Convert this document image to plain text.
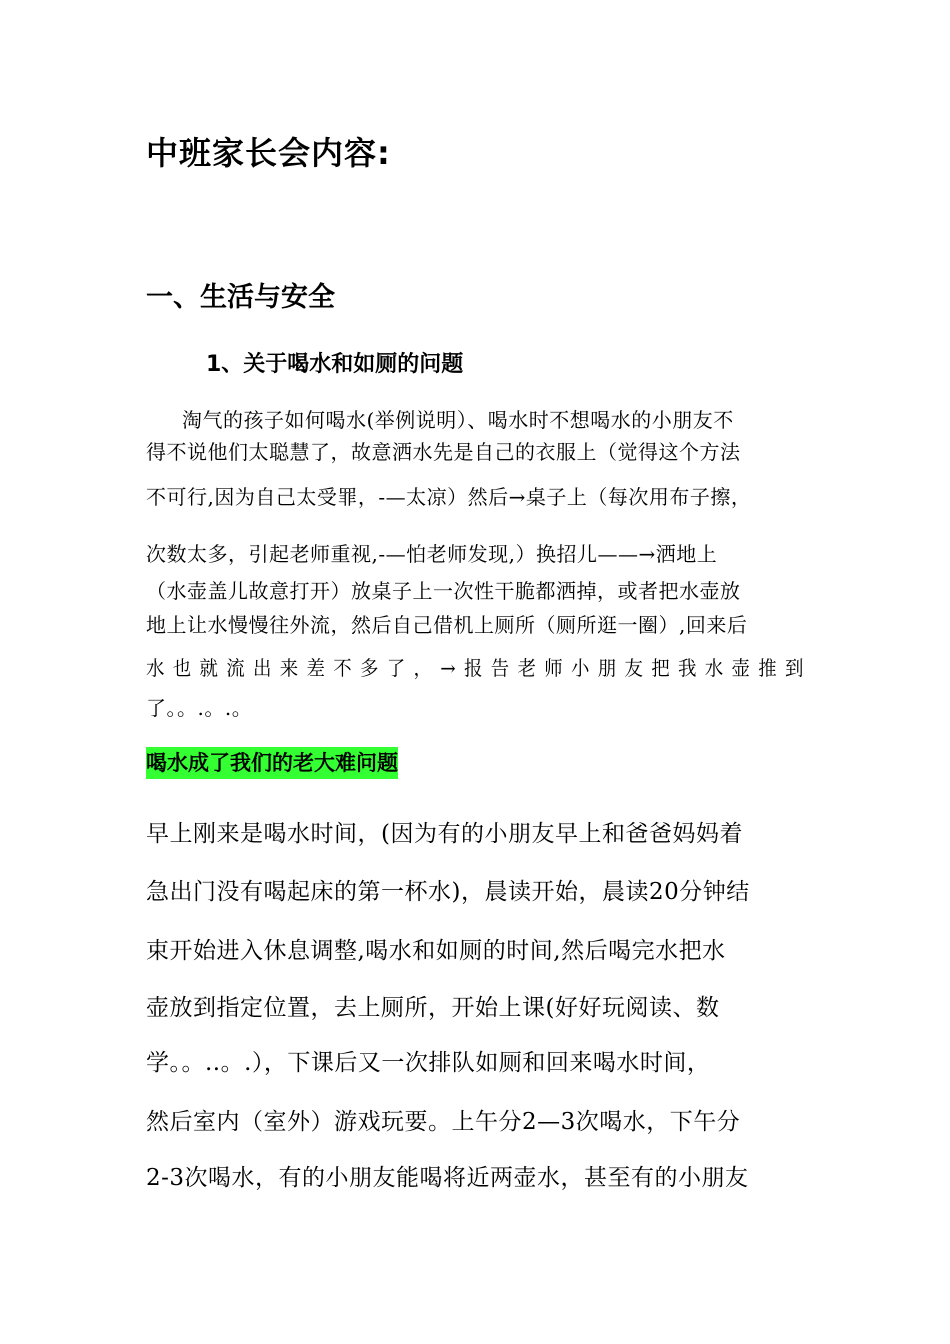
中班家长会内容:
一、生活与安全
1、关于喝水和如厕的问题
淘气的孩子如何喝水(举例说明）、喝水时不想喝水的小朋友不
得不说他们太聪慧了，故意洒水先是自己的衣服上（觉得这个方法
不可行,因为自己太受罪，-—太凉）然后→桌子上（每次用布子擦，
次数太多，引起老师重视,-—怕老师发现,）换招儿——→洒地上
（水壶盖儿故意打开）放桌子上一次性干脆都洒掉，或者把水壶放
地上让水慢慢往外流，然后自己借机上厕所（厕所逛一圈）,回来后
水也就流出来差不多了，→报告老师小朋友把我水壶推到
了。。.。.。
喝水成了我们的老大难问题
早上刚来是喝水时间，(因为有的小朋友早上和爸爸妈妈着
急出门没有喝起床的第一杯水)，晨读开始，晨读20分钟结
束开始进入休息调整,喝水和如厕的时间,然后喝完水把水
壶放到指定位置，去上厕所，开始上课(好好玩阅读、数
学。。..。.），下课后又一次排队如厕和回来喝水时间，
然后室内（室外）游戏玩要。上午分2—3次喝水，下午分
2-3次喝水，有的小朋友能喝将近两壶水，甚至有的小朋友
